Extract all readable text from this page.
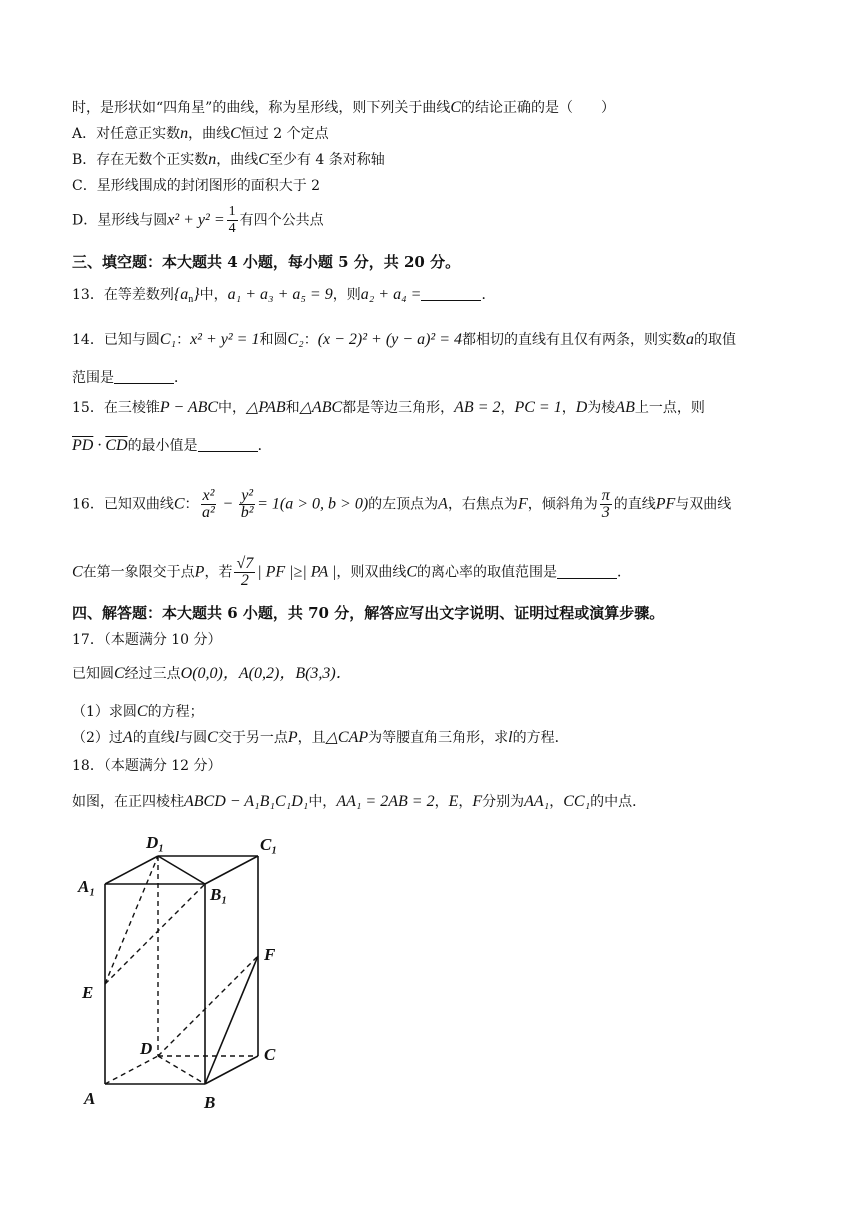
时，是形状如“四角星”的曲线，称为星形线，则下列关于曲线C的结论正确的是（　　）
A．对任意正实数n，曲线C恒过 2 个定点
B．存在无数个正实数n，曲线C至少有 4 条对称轴
C．星形线围成的封闭图形的面积大于 2
D．星形线与圆$x^2 + y^2 = \frac{1}{4}$ 有四个公共点
三、填空题：本大题共 4 小题，每小题 5 分，共 20 分。
13．在等差数列$\{a_n\}$中，a₁ + a₃ + a₅ = 9，则a₂ + a₄ =	．
14．已知与圆C₁：x² + y² = 1和圆C₂：(x − 2)² + (y − a)² = 4都相切的直线有且仅有两条，则实数a的取值
范围是	．
15．在三棱锥P − ABC中，△PAB和△ABC都是等边三角形，AB = 2，PC = 1，D为棱AB上一点，则
$\overline{PD} \cdot \overline{CD}$的最小值是	．
16．已知双曲线C： $\frac{\text{x²}}{\text{a²}} - \frac{\text{y²}}{\text{b²}} = 1(a > 0$, b > 0)的左顶点为A，右焦点为F，倾斜角为 $\frac{\pi}{3}$ 的直线PF与双曲线
C在第一象限交于点P，若 $\frac{√7}{2}$ | PF |≥| PA |，则双曲线C的离心率的取值范围是	．
四、解答题：本大题共 6 小题，共 70 分，解答应写出文字说明、证明过程或演算步骤。
17．（本题满分 10 分）
已知圆C经过三点O(0,0)，A(0,2)，B(3,3)．
（1）求圆C的方程；
（2）过A的直线l与圆C交于另一点P，且△CAP为等腰直角三角形，求l的方程．
18．（本题满分 12 分）
如图，在正四棱柱ABCD − A₁B₁C₁D₁中，AA₁ = 2AB = 2，E，F分别为AA₁，CC₁的中点．
D₁	C₁
A₁	B₁
E
F
D	C
A	B
